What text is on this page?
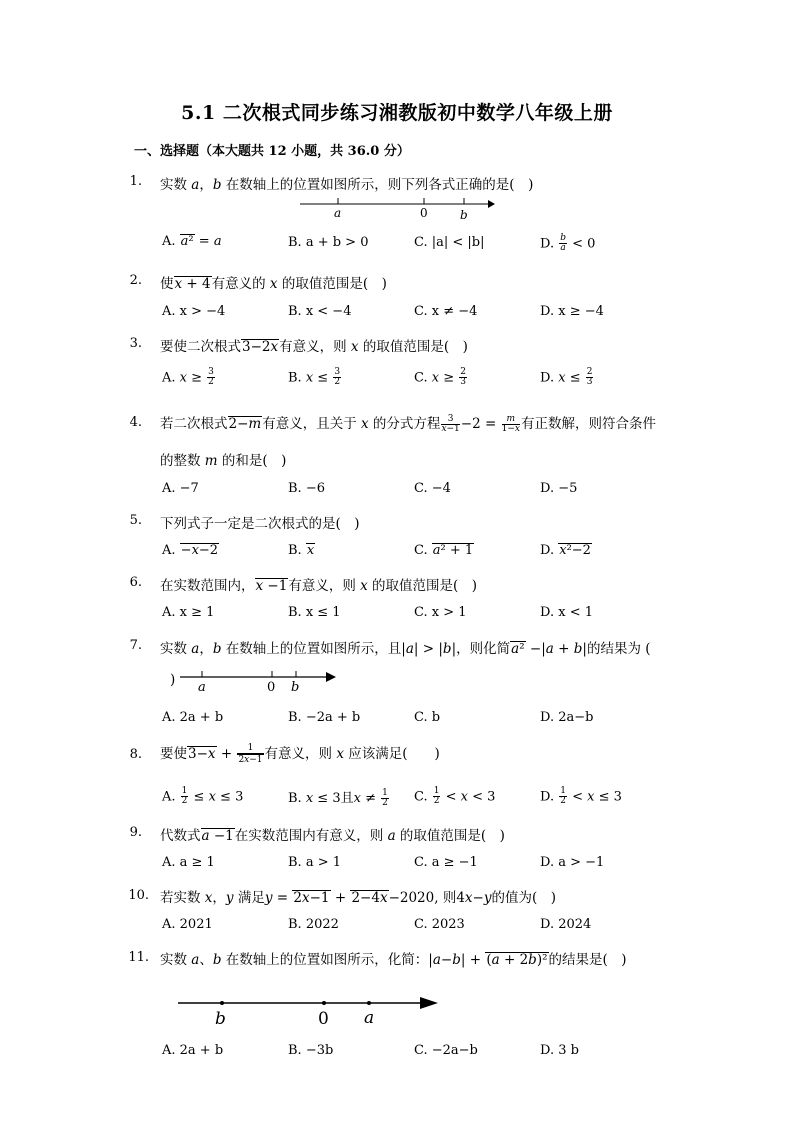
5.1 二次根式同步练习湘教版初中数学八年级上册
一、选择题（本大题共 12 小题，共 36.0 分）
1. 实数 a，b 在数轴上的位置如图所示，则下列各式正确的是(　)
a	0	b
A. a² = a	B. a + b > 0	C. |a| < |b|	D. $\frac{b}{a} < 0$
2. 使x + 4有意义的 x 的取值范围是(　)
A. x > −4	B. x < −4	C. x ≠ −4	D. x ≥ −4
3. 要使二次根式3−2x有意义，则 x 的取值范围是(　)
A. $x \ge \frac{3}{2}$	B. $x \le \frac{3}{2}$	C. $x \ge \frac{2}{3}$	D. $x \le \frac{2}{3}$
4. 若二次根式2−m有意义，且关于 x 的分式方程 $\frac{3}{x-1} -2 = \frac{m}{1-x}$ 有正数解，则符合条件
的整数 m 的和是(　)
A. −7	B. −6	C. −4	D. −5
5. 下列式子一定是二次根式的是(　)
A. −x−2	B. x	C. a² + 1	D. x²−2
6. 在实数范围内，x −1有意义，则 x 的取值范围是(　)
A. x ≥ 1	B. x ≤ 1	C. x > 1	D. x < 1
7. 实数 a，b 在数轴上的位置如图所示，且|a| > |b|，则化简a² −|a + b|的结果为 (
) a	0 b
A. 2a + b	B. −2a + b	C. b	D. 2a−b
8. 要使$3-x + \frac{1}{2x-1}$ 有意义，则 x 应该满足(　　)
A. $\frac{1}{2} \le x \le 3$	B. x ≤ 3且$x \ne \frac{1}{2} C$. $\frac{1}{2} < x < 3$	D. $\frac{1}{2} < x \le 3$
9. 代数式a −1在实数范围内有意义，则 a 的取值范围是(　)
A. a ≥ 1	B. a > 1	C. a ≥ −1	D. a > −1
10. 若实数 x，y 满足y = 2x−1 + 2−4x−2020, 则4x−y的值为(　)
A. 2021	B. 2022	C. 2023	D. 2024
11. 实数 a、b 在数轴上的位置如图所示，化简：|a−b| + (a + 2b)²的结果是(　)
b	0 a
A. 2a + b	B. −3b	C. −2a−b	D. 3 b
